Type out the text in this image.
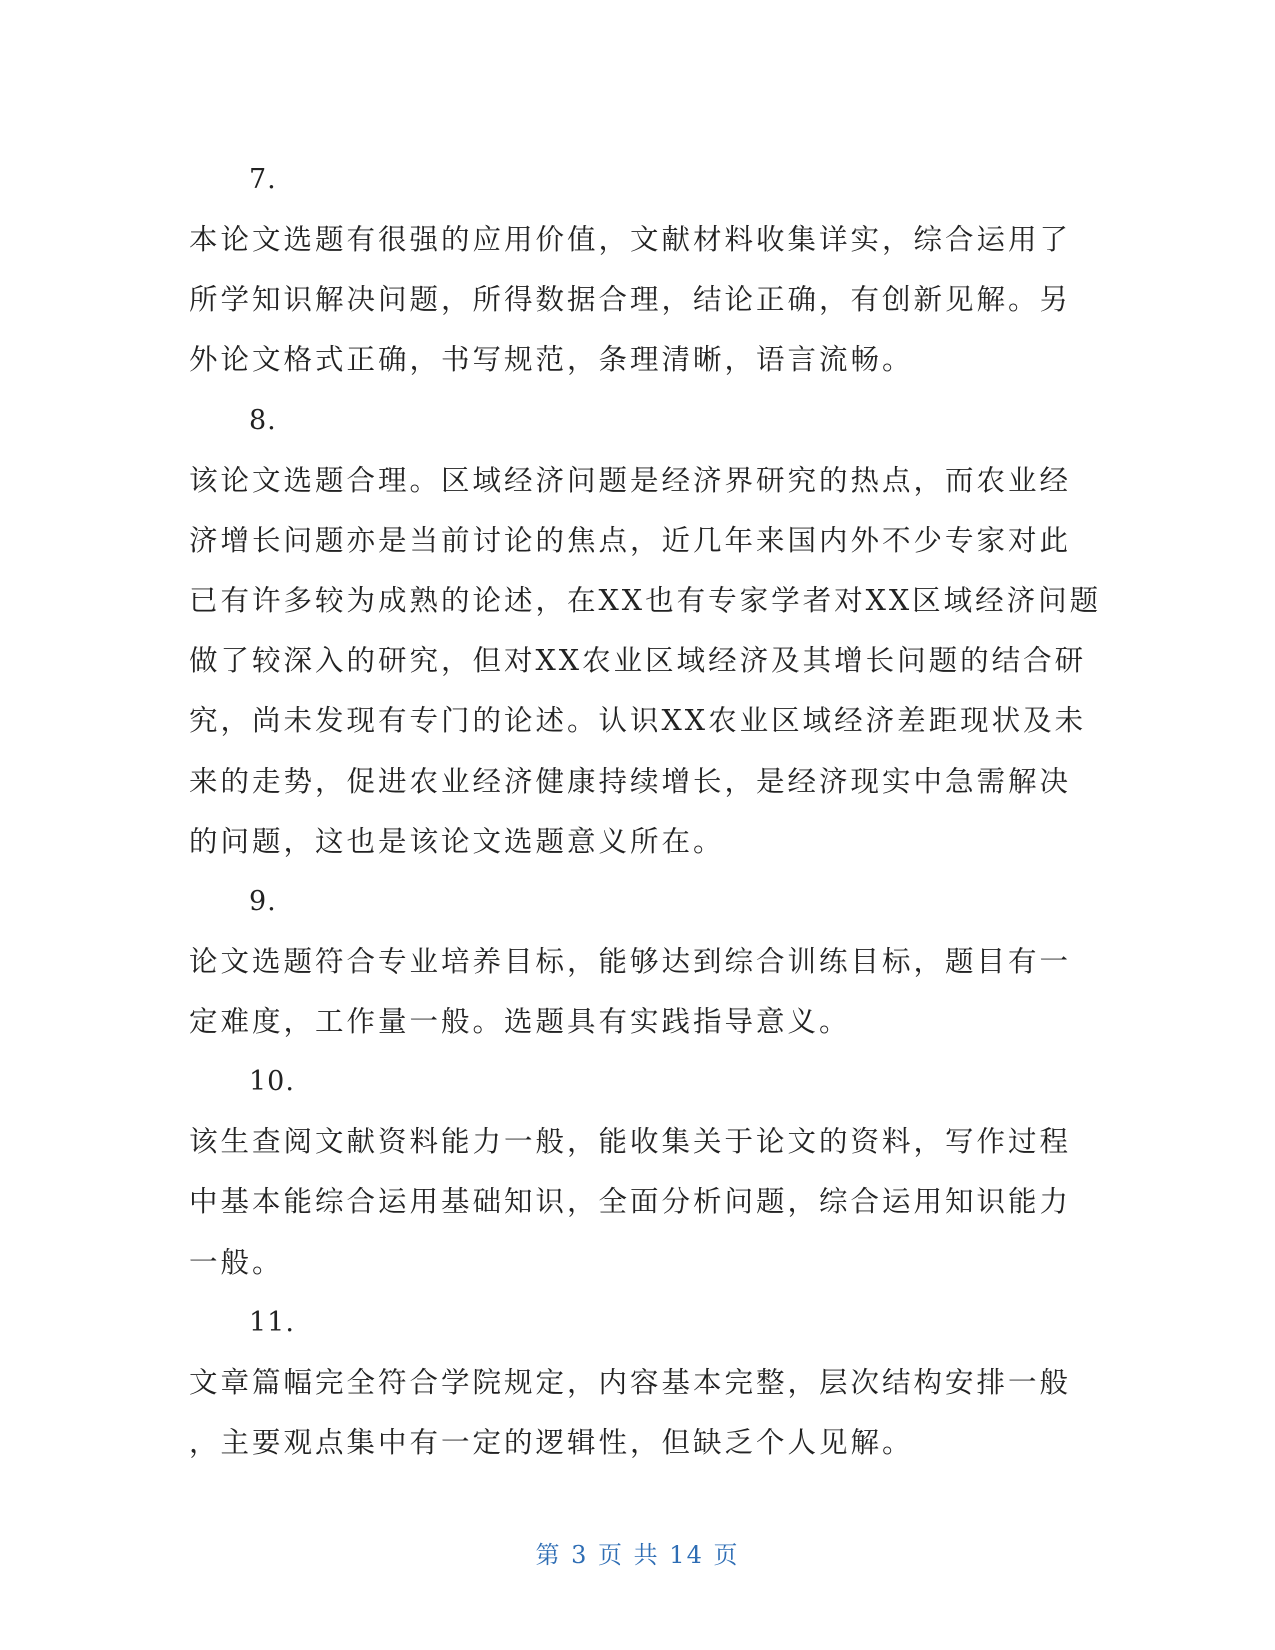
7.
本论文选题有很强的应用价值，文献材料收集详实，综合运用了
所学知识解决问题，所得数据合理，结论正确，有创新见解。另
外论文格式正确，书写规范，条理清晰，语言流畅。
8.
该论文选题合理。区域经济问题是经济界研究的热点，而农业经
济增长问题亦是当前讨论的焦点，近几年来国内外不少专家对此
已有许多较为成熟的论述，在XX也有专家学者对XX区域经济问题
做了较深入的研究，但对XX农业区域经济及其增长问题的结合研
究，尚未发现有专门的论述。认识XX农业区域经济差距现状及未
来的走势，促进农业经济健康持续增长，是经济现实中急需解决
的问题，这也是该论文选题意义所在。
9.
论文选题符合专业培养目标，能够达到综合训练目标，题目有一
定难度，工作量一般。选题具有实践指导意义。
10.
该生查阅文献资料能力一般，能收集关于论文的资料，写作过程
中基本能综合运用基础知识，全面分析问题，综合运用知识能力
一般。
11.
文章篇幅完全符合学院规定，内容基本完整，层次结构安排一般
，主要观点集中有一定的逻辑性，但缺乏个人见解。
第 3 页 共 14 页
